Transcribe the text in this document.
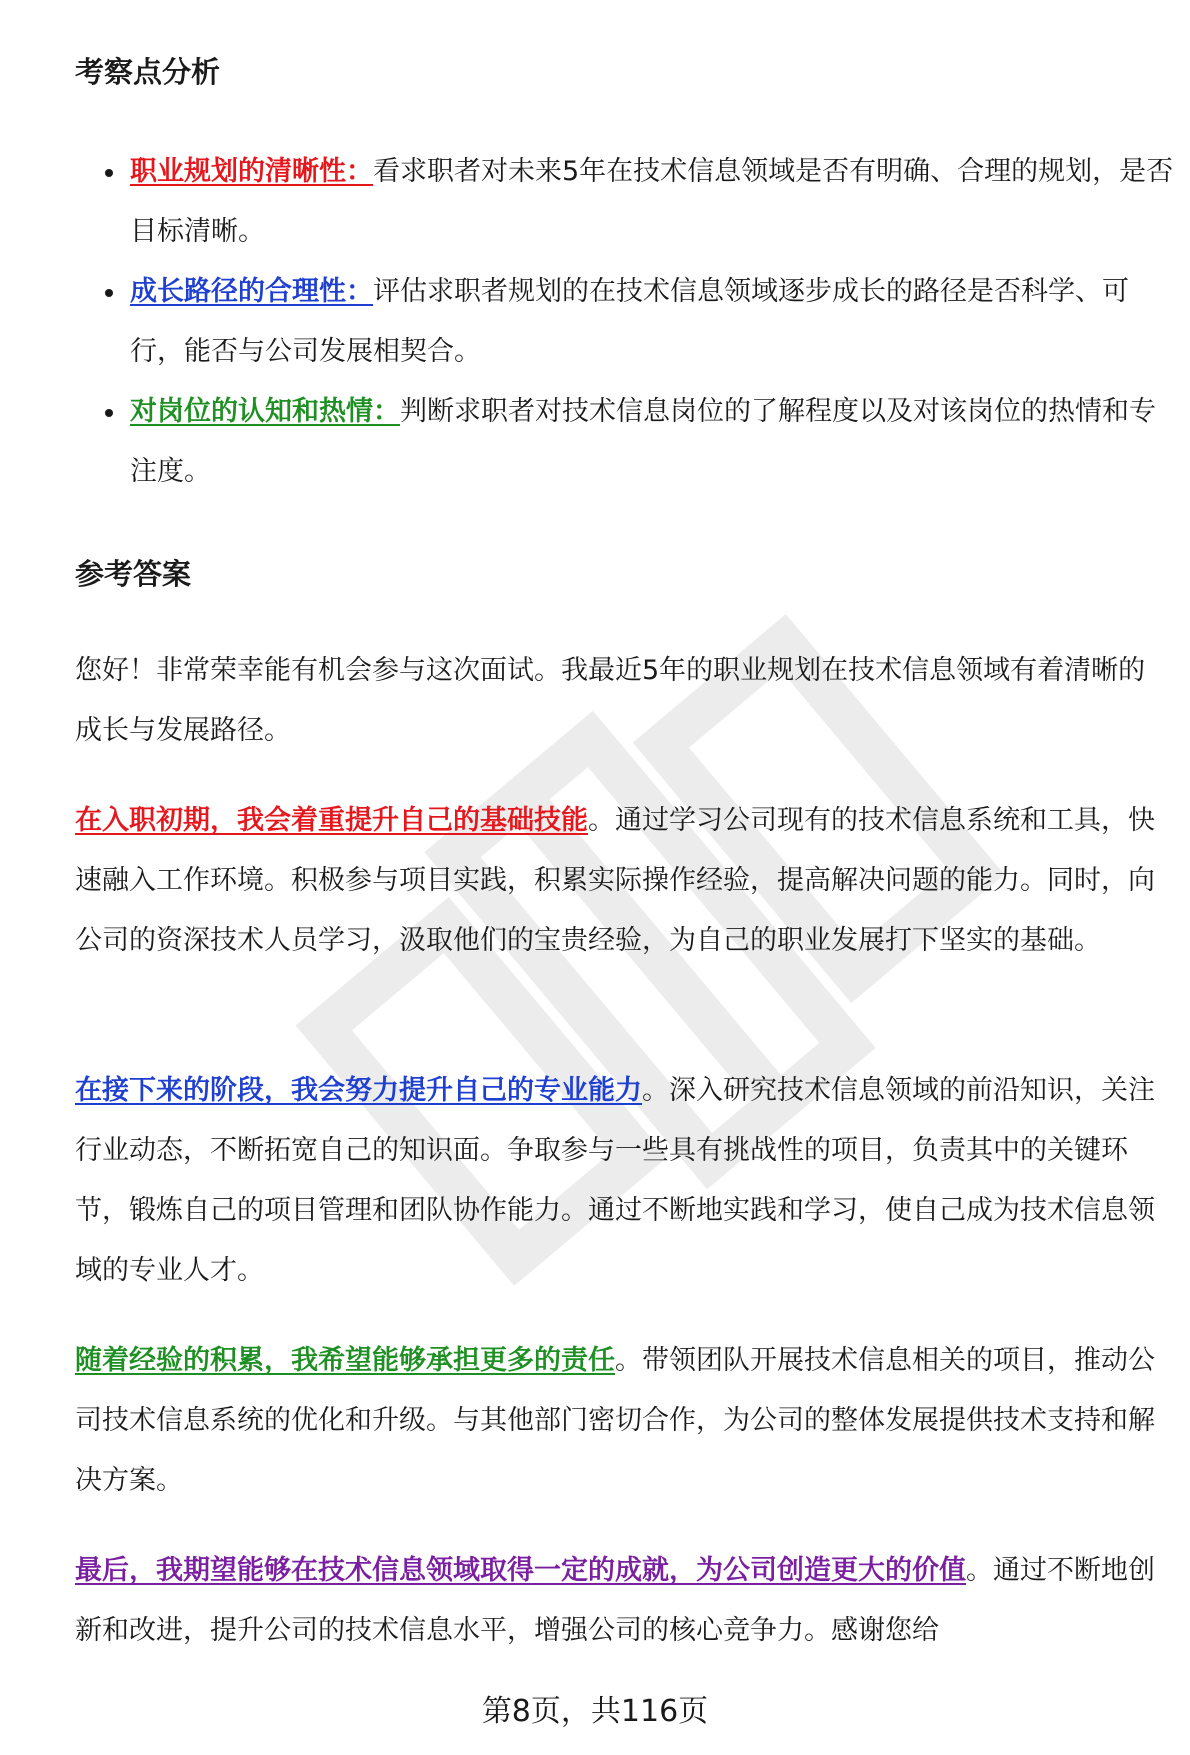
考察点分析
职业规划的清晰性：看求职者对未来5年在技术信息领域是否有明确、合理的规划，是否目标清晰。
成长路径的合理性：评估求职者规划的在技术信息领域逐步成长的路径是否科学、可行，能否与公司发展相契合。
对岗位的认知和热情：判断求职者对技术信息岗位的了解程度以及对该岗位的热情和专注度。
参考答案

您好！非常荣幸能有机会参与这次面试。我最近5年的职业规划在技术信息领域有着清晰的成长与发展路径。

在入职初期，我会着重提升自己的基础技能。通过学习公司现有的技术信息系统和工具，快速融入工作环境。积极参与项目实践，积累实际操作经验，提高解决问题的能力。同时，向公司的资深技术人员学习，汲取他们的宝贵经验，为自己的职业发展打下坚实的基础。

在接下来的阶段，我会努力提升自己的专业能力。深入研究技术信息领域的前沿知识，关注行业动态，不断拓宽自己的知识面。争取参与一些具有挑战性的项目，负责其中的关键环节，锻炼自己的项目管理和团队协作能力。通过不断地实践和学习，使自己成为技术信息领域的专业人才。

随着经验的积累，我希望能够承担更多的责任。带领团队开展技术信息相关的项目，推动公司技术信息系统的优化和升级。与其他部门密切合作，为公司的整体发展提供技术支持和解决方案。

最后，我期望能够在技术信息领域取得一定的成就，为公司创造更大的价值。通过不断地创新和改进，提升公司的技术信息水平，增强公司的核心竞争力。感谢您给

第8页，共116页
